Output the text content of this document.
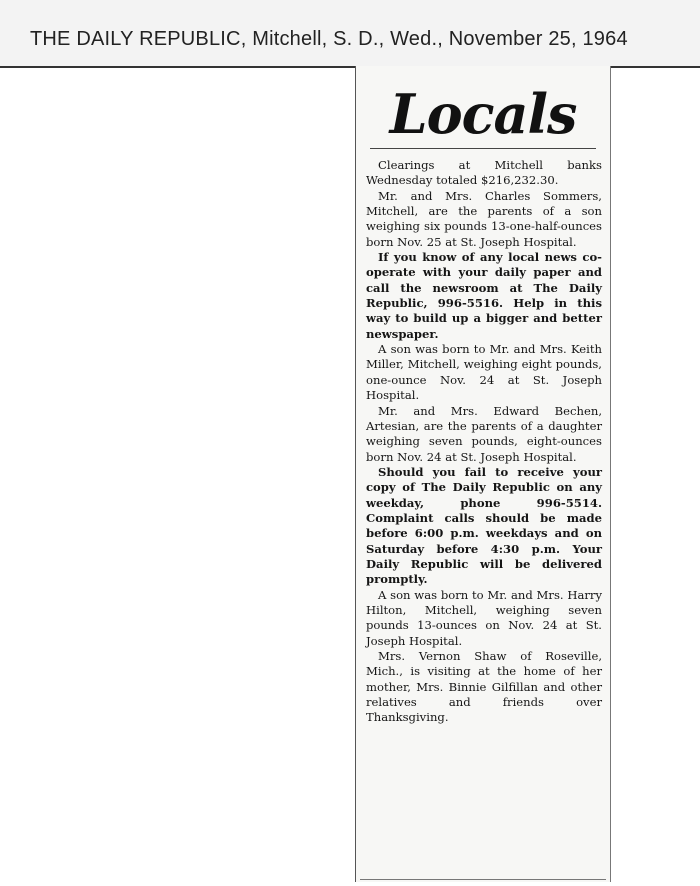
THE DAILY REPUBLIC, Mitchell, S. D., Wed., November 25, 1964
Locals

Clearings at Mitchell banks Wednesday totaled $216,232.30.

Mr. and Mrs. Charles Sommers, Mitchell, are the parents of a son weighing six pounds 13-one-half-ounces born Nov. 25 at St. Joseph Hospital.

If you know of any local news co-operate with your daily paper and call the newsroom at The Daily Republic, 996-5516. Help in this way to build up a bigger and better newspaper.

A son was born to Mr. and Mrs. Keith Miller, Mitchell, weighing eight pounds, one-ounce Nov. 24 at St. Joseph Hospital.

Mr. and Mrs. Edward Bechen, Artesian, are the parents of a daughter weighing seven pounds, eight-ounces born Nov. 24 at St. Joseph Hospital.

Should you fail to receive your copy of The Daily Republic on any weekday, phone 996-5514. Complaint calls should be made before 6:00 p.m. weekdays and on Saturday before 4:30 p.m. Your Daily Republic will be delivered promptly.

A son was born to Mr. and Mrs. Harry Hilton, Mitchell, weighing seven pounds 13-ounces on Nov. 24 at St. Joseph Hospital.

Mrs. Vernon Shaw of Roseville, Mich., is visiting at the home of her mother, Mrs. Binnie Gilfillan and other relatives and friends over Thanksgiving.
